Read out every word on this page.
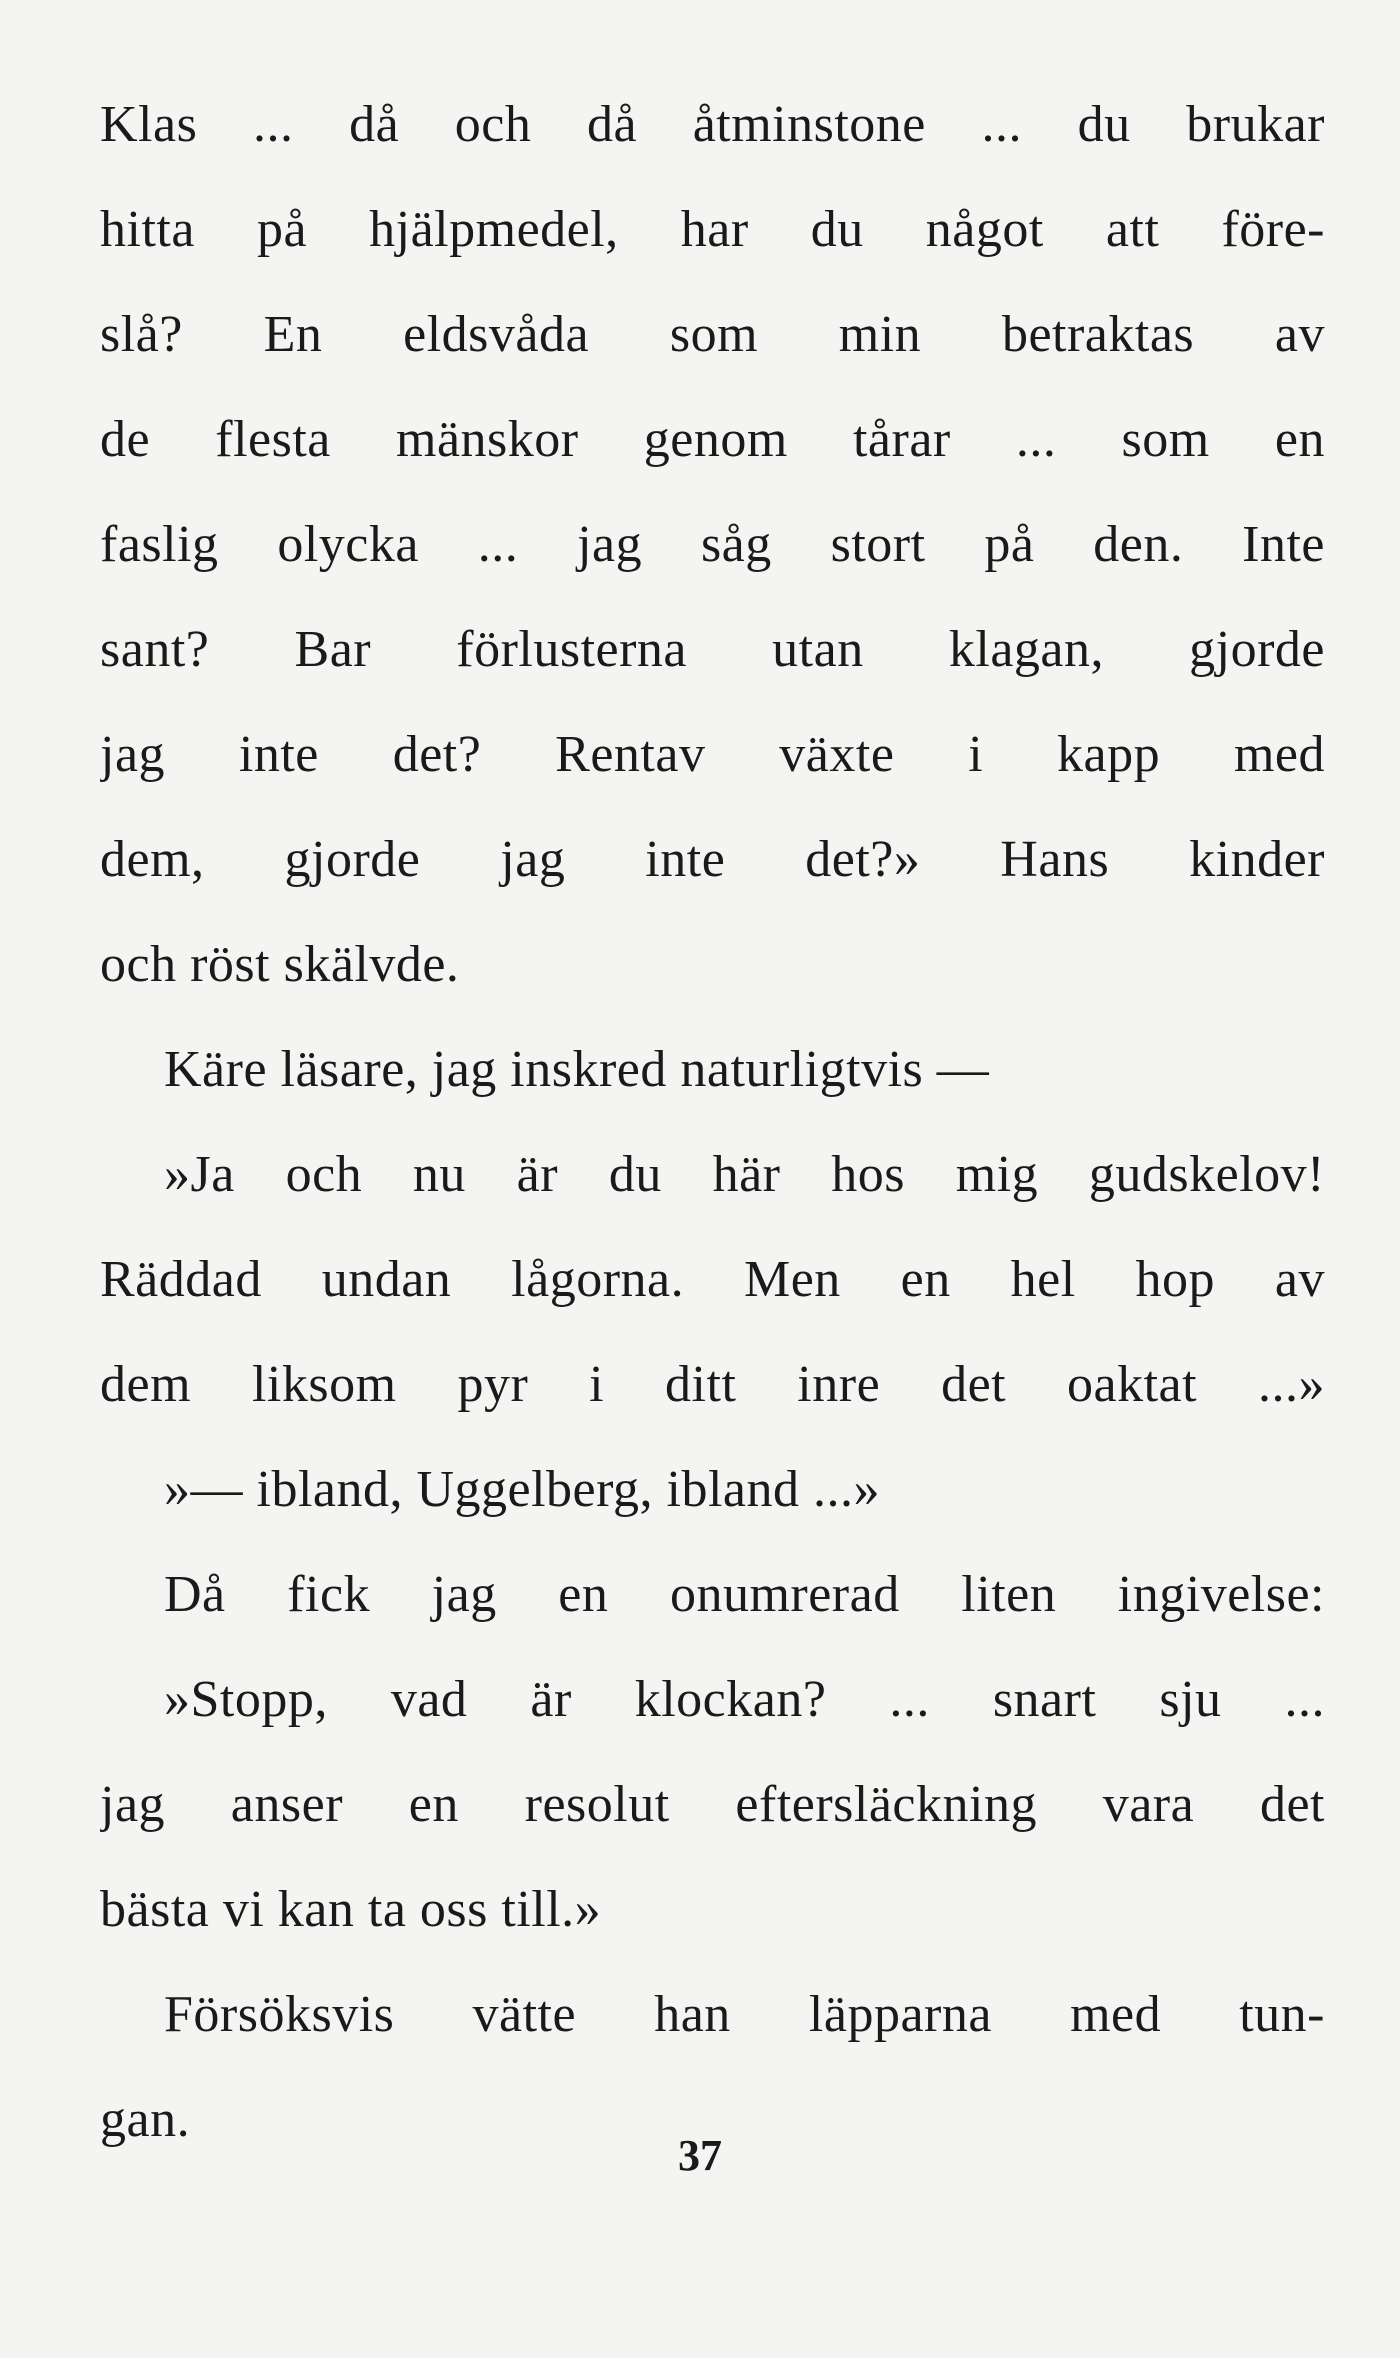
Klas ... då och då åtminstone ... du brukar
hitta på hjälpmedel, har du något att före-
slå? En eldsvåda som min betraktas av
de flesta mänskor genom tårar ... som en
faslig olycka ... jag såg stort på den. Inte
sant? Bar förlusterna utan klagan, gjorde
jag inte det? Rentav växte i kapp med
dem, gjorde jag inte det?» Hans kinder
och röst skälvde.
Käre läsare, jag inskred naturligtvis —
»Ja och nu är du här hos mig gudskelov!
Räddad undan lågorna. Men en hel hop av
dem liksom pyr i ditt inre det oaktat ...»
»— ibland, Uggelberg, ibland ...»
Då fick jag en onumrerad liten ingivelse:
»Stopp, vad är klockan? ... snart sju ...
jag anser en resolut eftersläckning vara det
bästa vi kan ta oss till.»
Försöksvis vätte han läpparna med tun-
gan.
37
